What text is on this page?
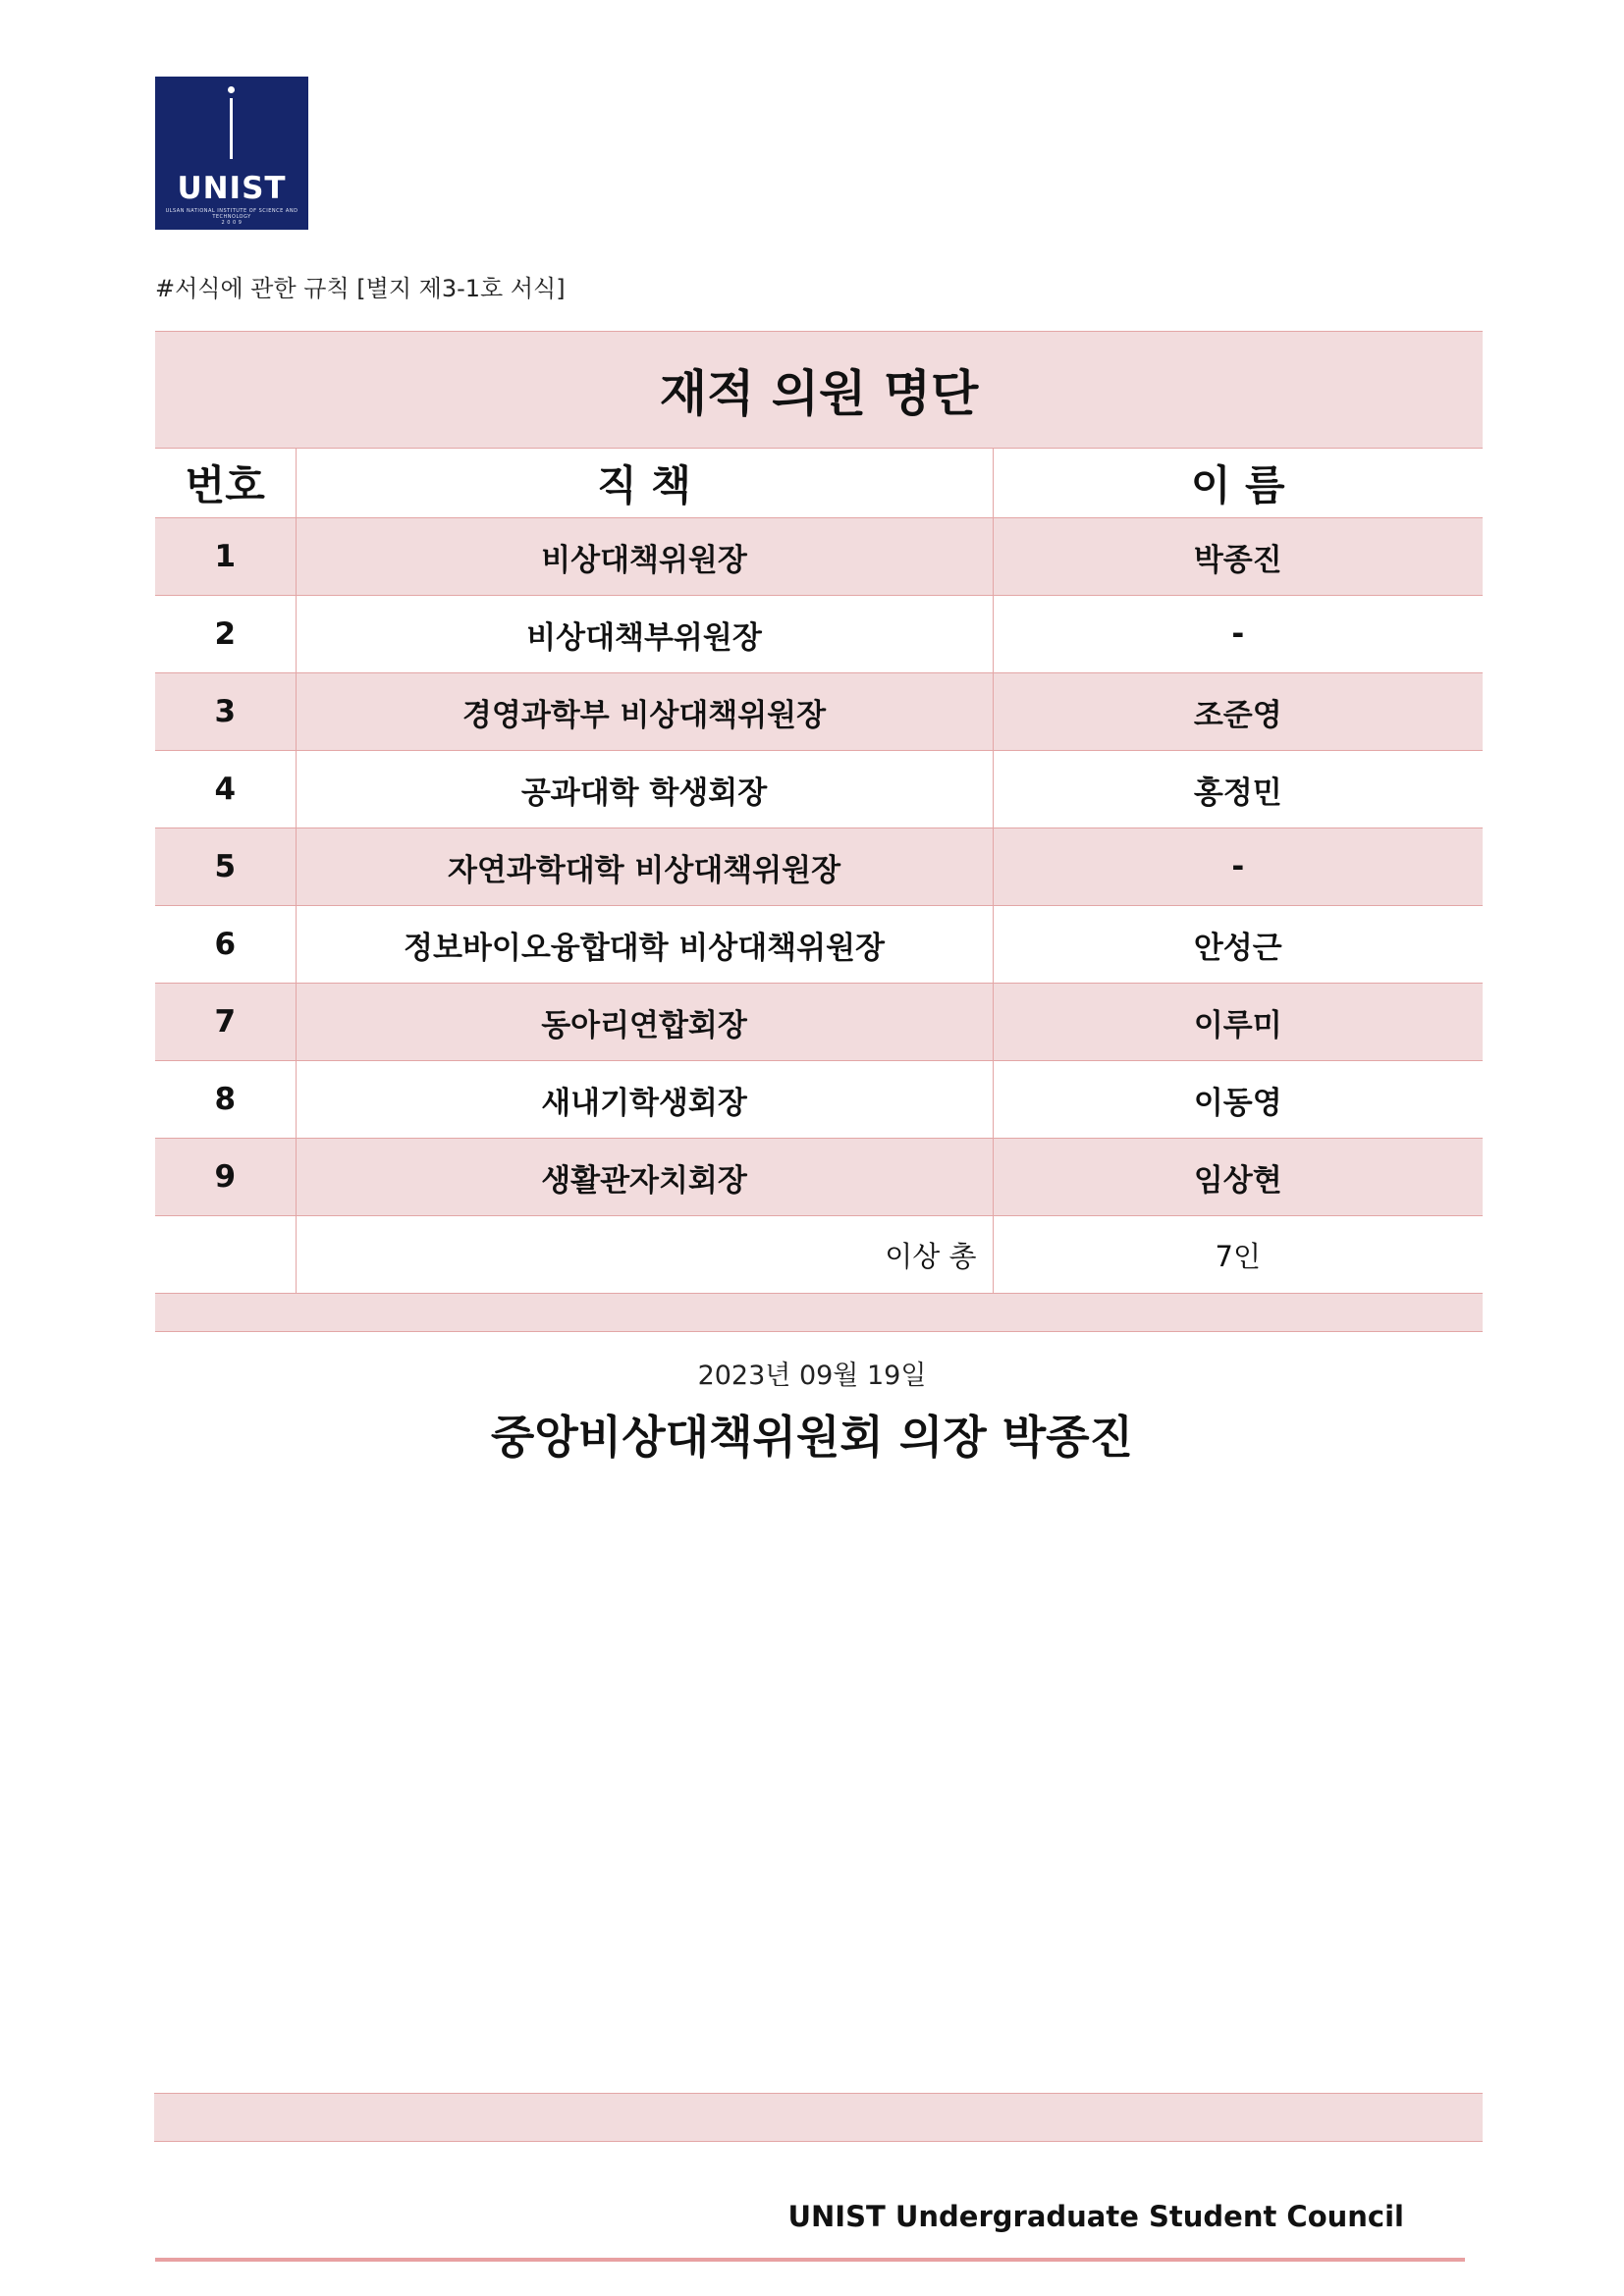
UNIST
ULSAN NATIONAL INSTITUTE OF SCIENCE AND TECHNOLOGY
2 0 0 9
#서식에 관한 규칙 [별지 제3-1호 서식]
재적 의원 명단		
번호	직 책	이 름
1	비상대책위원장	박종진
2	비상대책부위원장	-
3	경영과학부 비상대책위원장	조준영
4	공과대학 학생회장	홍정민
5	자연과학대학 비상대책위원장	-
6	정보바이오융합대학 비상대책위원장	안성근
7	동아리연합회장	이루미
8	새내기학생회장	이동영
9	생활관자치회장	임상현
	이상 총	7인

2023년 09월 19일
중앙비상대책위원회 의장 박종진
UNIST Undergraduate Student Council
